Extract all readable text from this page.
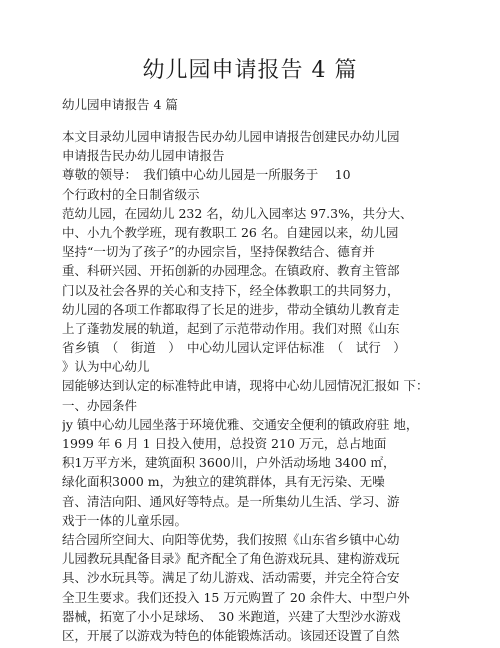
幼儿园申请报告 4 篇
幼儿园申请报告 4 篇
本文目录幼儿园申请报告民办幼儿园申请报告创建民办幼儿园
申请报告民办幼儿园申请报告
尊敬的领导：　我们镇中心幼儿园是一所服务于　 10
个行政村的全日制省级示
范幼儿园，在园幼儿 232 名，幼儿入园率达 97.3%，共分大、
中、小九个教学班，现有教职工 26 名。自建园以来，幼儿园
坚持“一切为了孩子”的办园宗旨，坚持保教结合、德育并
重、科研兴园、开拓创新的办园理念。在镇政府、教育主管部
门以及社会各界的关心和支持下，经全体教职工的共同努力，
幼儿园的各项工作都取得了长足的进步，带动全镇幼儿教育走
上了蓬勃发展的轨道，起到了示范带动作用。我们对照《山东
省乡镇　（　街道　）　中心幼儿园认定评估标准　（　试行　）
》认为中心幼儿
园能够达到认定的标准特此申请，现将中心幼儿园情况汇报如 下：
一、办园条件
jy 镇中心幼儿园坐落于环境优雅、交通安全便利的镇政府驻 地，
1999 年 6 月 1 日投入使用，总投资 210 万元，总占地面
积1万平方米，建筑面积 3600川，户外活动场地 3400 ㎡，
绿化面积3000 m，为独立的建筑群体，具有无污染、无噪
音、清洁向阳、通风好等特点。是一所集幼儿生活、学习、游
戏于一体的儿童乐园。
结合园所空间大、向阳等优势，我们按照《山东省乡镇中心幼
儿园教玩具配备目录》配齐配全了角色游戏玩具、建构游戏玩
具、沙水玩具等。满足了幼儿游戏、活动需要，并完全符合安
全卫生要求。我们还投入 15 万元购置了 20 余件大、中型户外
器械，拓宽了小小足球场、　30 米跑道，兴建了大型沙水游戏
区，开展了以游戏为特色的体能锻炼活动。该园还设置了自然
